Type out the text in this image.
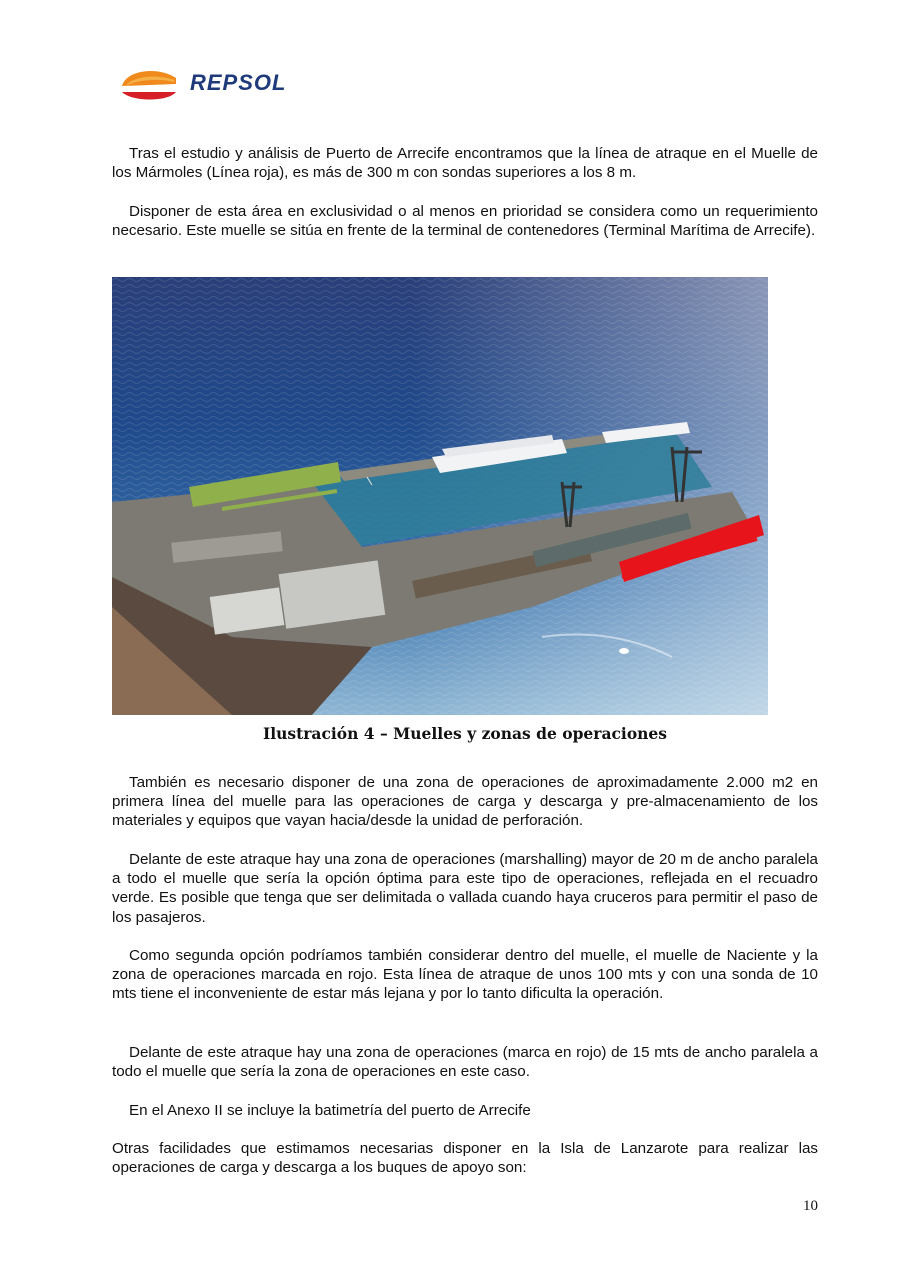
REPSOL

Tras el estudio y análisis de Puerto de Arrecife encontramos que la línea de atraque en el Muelle de los Mármoles (Línea roja), es más de 300 m con sondas superiores a los 8 m.

Disponer de esta área en exclusividad o al menos en prioridad se considera como un requerimiento necesario. Este muelle se sitúa en frente de la terminal de contenedores (Terminal Marítima de Arrecife).

Ilustración 4 – Muelles y zonas de operaciones

También es necesario disponer de una zona de operaciones de aproximadamente 2.000 m2 en primera línea del muelle para las operaciones de carga y descarga y pre-almacenamiento de los materiales y equipos que vayan hacia/desde la unidad de perforación.

Delante de este atraque hay una zona de operaciones (marshalling) mayor de 20 m de ancho paralela a todo el muelle que sería la opción óptima para este tipo de operaciones, reflejada en el recuadro verde. Es posible que tenga que ser delimitada o vallada cuando haya cruceros para permitir el paso de los pasajeros.

Como segunda opción podríamos también considerar dentro del muelle, el muelle de Naciente y la zona de operaciones marcada en rojo. Esta línea de atraque de unos 100 mts y con una sonda de 10 mts tiene el inconveniente de estar más lejana y por lo tanto dificulta la operación.

Delante de este atraque hay una zona de operaciones (marca en rojo) de 15 mts de ancho paralela a todo el muelle que sería la zona de operaciones en este caso.

En el Anexo II se incluye la batimetría del puerto de Arrecife

Otras facilidades que estimamos necesarias disponer en la Isla de Lanzarote para realizar las operaciones de carga y descarga a los buques de apoyo son:

10
